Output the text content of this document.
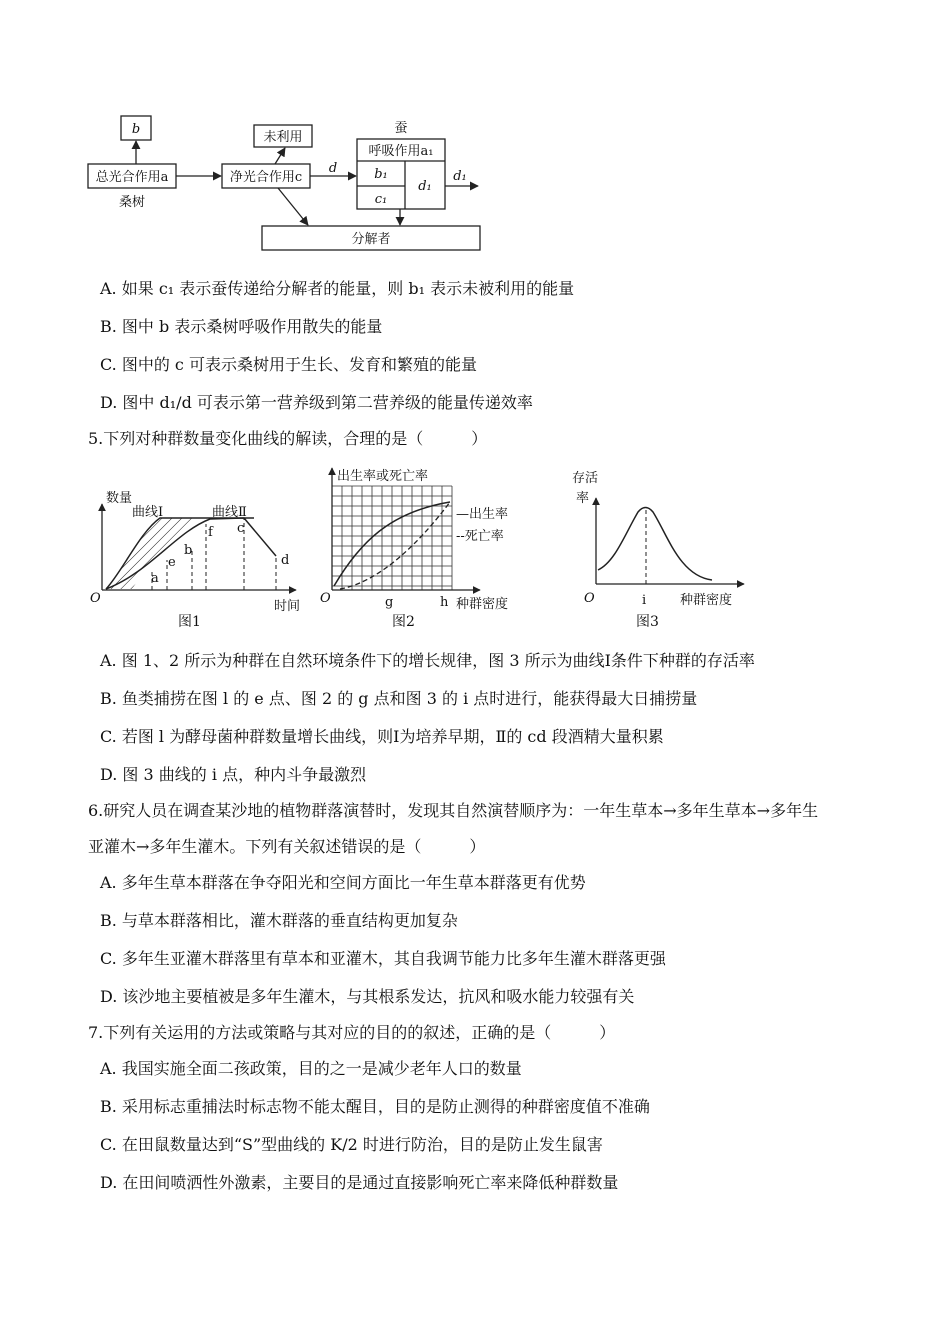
b
总光合作用a
桑树
未利用
净光合作用c
d
蚕
呼吸作用a₁
b₁
c₁
d₁
d₁
分解者
A. 如果 c₁ 表示蚕传递给分解者的能量，则 b₁ 表示未被利用的能量
B. 图中 b 表示桑树呼吸作用散失的能量
C. 图中的 c 可表示桑树用于生长、发育和繁殖的能量
D. 图中 d₁/d 可表示第一营养级到第二营养级的能量传递效率
5.下列对种群数量变化曲线的解读，合理的是（　　　）
数量
曲线Ⅰ	曲线Ⅱ
O
时间
a
e
b
f c
d
图1
出生率或死亡率
—出生率
--死亡率
O	g	h 种群密度
图2
存活
率
O	i	种群密度
图3
A. 图 1、2 所示为种群在自然环境条件下的增长规律，图 3 所示为曲线Ⅰ条件下种群的存活率
B. 鱼类捕捞在图 l 的 e 点、图 2 的 g 点和图 3 的 i 点时进行，能获得最大日捕捞量
C. 若图 l 为酵母菌种群数量增长曲线，则Ⅰ为培养早期，Ⅱ的 cd 段酒精大量积累
D. 图 3 曲线的 i 点，种内斗争最激烈
6.研究人员在调查某沙地的植物群落演替时，发现其自然演替顺序为：一年生草本→多年生草本→多年生
亚灌木→多年生灌木。下列有关叙述错误的是（　　　）
A. 多年生草本群落在争夺阳光和空间方面比一年生草本群落更有优势
B. 与草本群落相比，灌木群落的垂直结构更加复杂
C. 多年生亚灌木群落里有草本和亚灌木，其自我调节能力比多年生灌木群落更强
D. 该沙地主要植被是多年生灌木，与其根系发达，抗风和吸水能力较强有关
7.下列有关运用的方法或策略与其对应的目的的叙述，正确的是（　　　）
A. 我国实施全面二孩政策，目的之一是减少老年人口的数量
B. 采用标志重捕法时标志物不能太醒目，目的是防止测得的种群密度值不准确
C. 在田鼠数量达到“S”型曲线的 K/2 时进行防治，目的是防止发生鼠害
D. 在田间喷洒性外激素，主要目的是通过直接影响死亡率来降低种群数量
